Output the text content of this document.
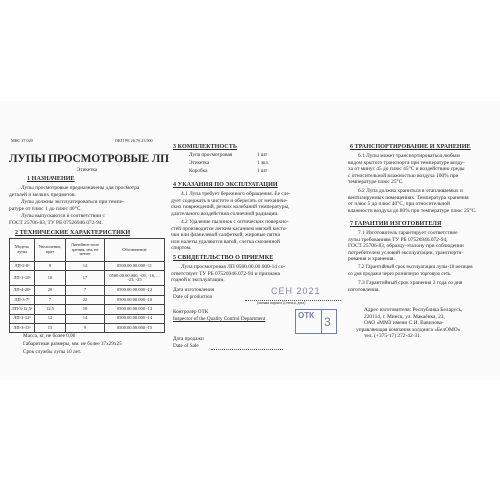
МКС 37.020	ОКП РБ 26.70.23.900
ЛУПЫ ПРОСМОТРОВЫЕ ЛП
Этикетка
1 НАЗНАЧЕНИЕ
Лупы просмотровые предназначены для просмотра
деталей и мелких предметов.
Лупы должны эксплуатироваться при темпе-
ратуре от плюс 1 до плюс 40°С.
Лупы выпускаются в соответствии с
ГОСТ 25706-83, ТУ РБ 07526946.072-94.
2 ТЕХНИЧЕСКИЕ ХАРАКТЕРИСТИКИ
Модель лупы	Увеличение, крат	Линейное поле зрения, мм, не менее	Обозначение
ЛП-2-8ˣ	8	14	0500.00.00.000 -11
ЛП-3-10ˣ	10	17	0500.00.00.000, -09, -16, ... -23, -25
ЛП-4-20ˣ	20	7	0500.00.00.000 -12
ЛП-3-7ˣ	7	22	0500.00.00.000 -10
ЛП-3-12,5ˣ	12,5	10	0500.00.00.000 -13
ЛП-3-12ˣ	12	14	0500.00.00.000 -14
ЛП-3-15ˣ	15	9	0500.00.00.000 -15
Масса, кг, не более 0,06
Габаритные размеры, мм. не более 37x29x25
Срок службы лупы 10 лет.
3 КОМПЛЕКТНОСТЬ
Лупа просмотровая	1 шт
Этикетка	1 экз.
Коробка	1 шт
4 УКАЗАНИЯ ПО ЭКСПЛУАТАЦИИ
4.1 Лупа требует бережного обращения. Ее сле-
дует содержать в чистоте и оберегать от механиче-
ских повреждений, резких колебаний температуры,
длительного воздействия солнечной радиации.
4.2 Удаление пылинок с оптических поверхно-
стей производится легким касанием мягкой кисто-
чки или фланелевой салфеткой, жировые пятна
или налеты удаляются ватой, слегка смоченной
спиртом.
5 СВИДЕТЕЛЬСТВО О ПРИЕМКЕ
Лупа просмотровая ЛП 0500.00.00.000-14 со-
ответствует ТУ РБ 07526946.072-94 и признана
годной к эксплуатации.
Дата изготовления
Date of production
(личная подпись) (оттиск, дата)
СЕН 2021
Контролер ОТК
Inspector of the Quality Control Department	ОТК 3
Дата продажи
Date of Sale
6 ТРАНСПОРТИРОВАНИЕ И ХРАНЕНИЕ
6.1 Лупы может транспортироваться любым
видом крытого транспорта при температуре возду-
ха от минус 45 до плюс 45°С и воздействию среды
с относительной влажностью воздуха 100% при
температуре плюс 25°С.
6.2 Лупа должна храниться в отапливаемых и
вентилируемых помещениях. Температура хранения
от плюс 5 до плюс 40°С, при относительной
влажности воздуха до 80% при температуре плюс 25°С.
7 ГАРАНТИИ ИЗГОТОВИТЕЛЯ
7.1 Изготовитель гарантирует соответствие
лупы требованиям ТУ РБ 07526946.072-94,
ГОСТ 25706-83, образцу-эталону при соблюдении
потребителем условий эксплуатации, транспорти-
рования и хранения.
7.2 Гарантийный срок эксплуатации лупы-18 месяцев
со дня продажи через розничную торговую сеть.
7.3 Гарантийный срок хранения 3 года со дня
изготовления.
Адрес изготовителя: Республика Беларусь,
220114, г. Минск, ул. Макаёнка, 23,
ОАО «ММЗ имени С.И. Вавилова-
управляющая компания холдинга «БелОМО»
тел. (+375-17) 272-42-31.
